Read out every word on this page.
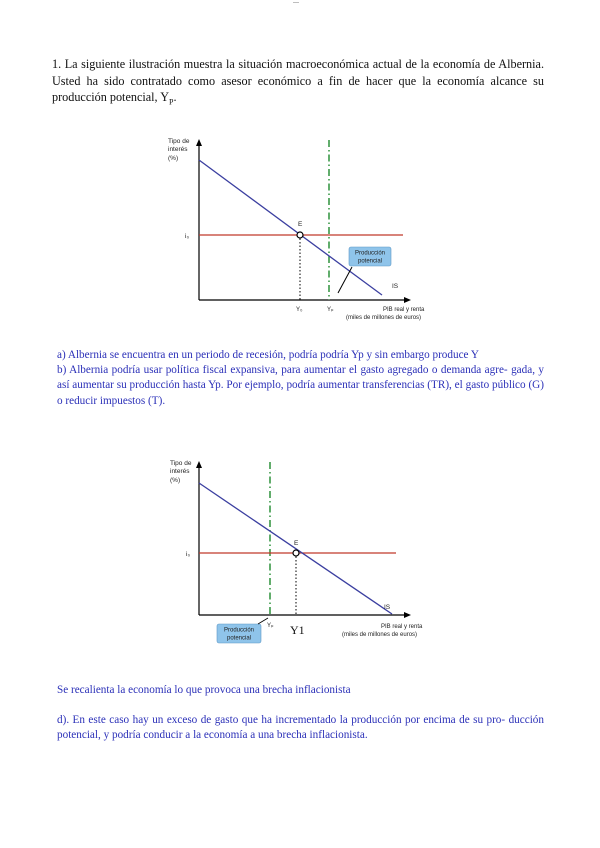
...
1. La siguiente ilustración muestra la situación macroeconómica actual de la economía de Albernia. Usted ha sido contratado como asesor económico a fin de hacer que la economía alcance su producción potencial, $Y_P$.
Tipo de
interés
(%)
E
i₀
Y₀	Yₚ
IS
PIB real y renta
(miles de millones de euros)
Producción
potencial
a) Albernia se encuentra en un periodo de recesión, podría podría Yp y sin embargo produce Y
b) Albernia podría usar política fiscal expansiva, para aumentar el gasto agregado o demanda agre- gada, y así aumentar su producción hasta Yp. Por ejemplo, podría aumentar transferencias (TR), el gasto público (G) o reducir impuestos (T).
Tipo de
interés
(%)
E
i₀
Yₚ Y1
IS
PIB real y renta
(miles de millones de euros)
Producción
potencial
Se recalienta la economía lo que provoca una brecha inflacionista
d). En este caso hay un exceso de gasto que ha incrementado la producción por encima de su pro- ducción potencial, y podría conducir a la economía a una brecha inflacionista.
